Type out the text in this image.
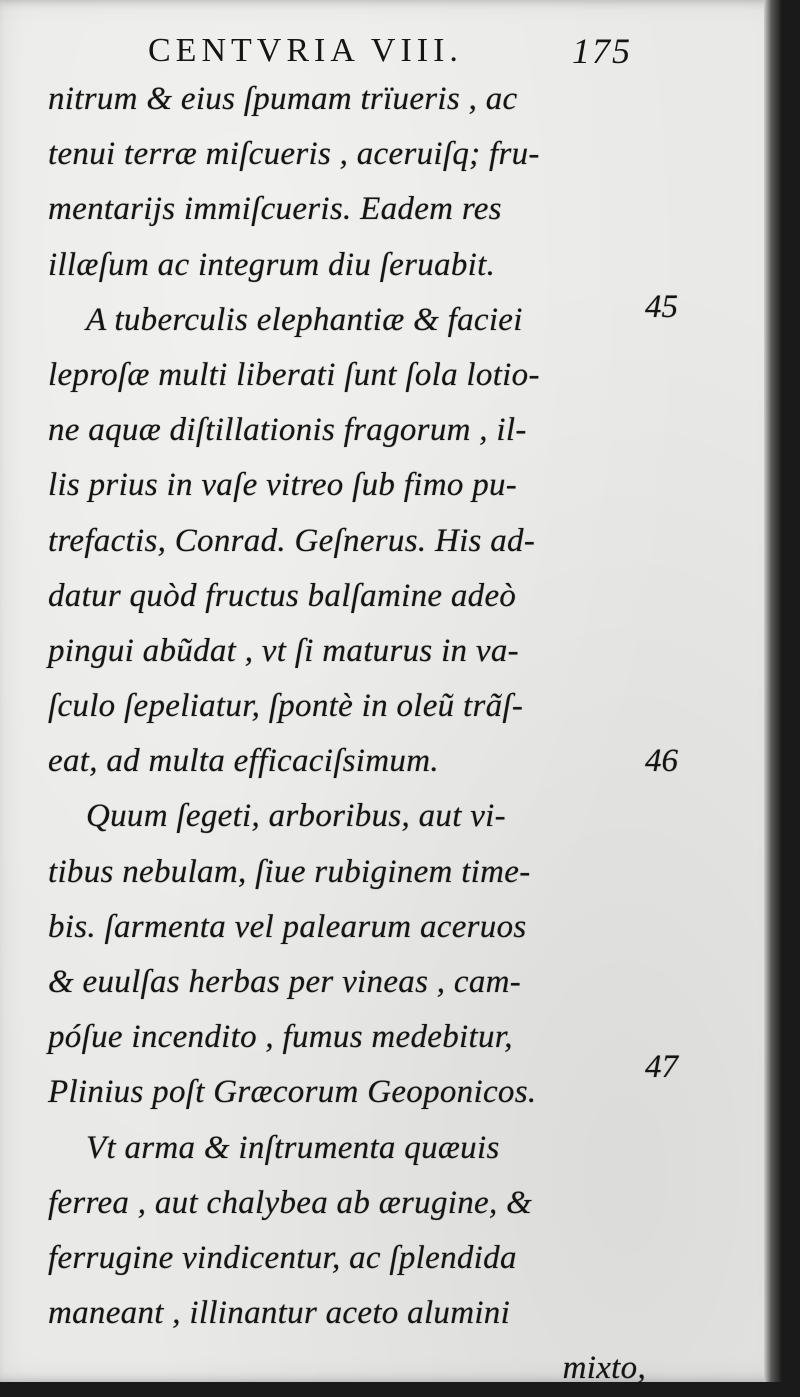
CENTVRIA VIII.	175
nitrum & eius ſpumam trïueris , ac
tenui terræ miſcueris , aceruiſq; fru-
mentarijs immiſcueris. Eadem res
illæſum ac integrum diu ſeruabit.
A tuberculis elephantiæ & faciei
leproſæ multi liberati ſunt ſola lotio-
ne aquæ diſtillationis fragorum , il-
lis prius in vaſe vitreo ſub fimo pu-
trefactis, Conrad. Geſnerus. His ad-
datur quòd fructus balſamine adeò
pingui abũdat , vt ſi maturus in va-
ſculo ſepeliatur, ſpontè in oleũ trãſ-
eat, ad multa efficaciſsimum.
Quum ſegeti, arboribus, aut vi-
tibus nebulam, ſiue rubiginem time-
bis. ſarmenta vel palearum aceruos
& euulſas herbas per vineas , cam-
póſue incendito , fumus medebitur,
Plinius poſt Græcorum Geoponicos.
Vt arma & inſtrumenta quæuis
ferrea , aut chalybea ab ærugine, &
ferrugine vindicentur, ac ſplendida
maneant , illinantur aceto alumini
mixto,
45
46
47
